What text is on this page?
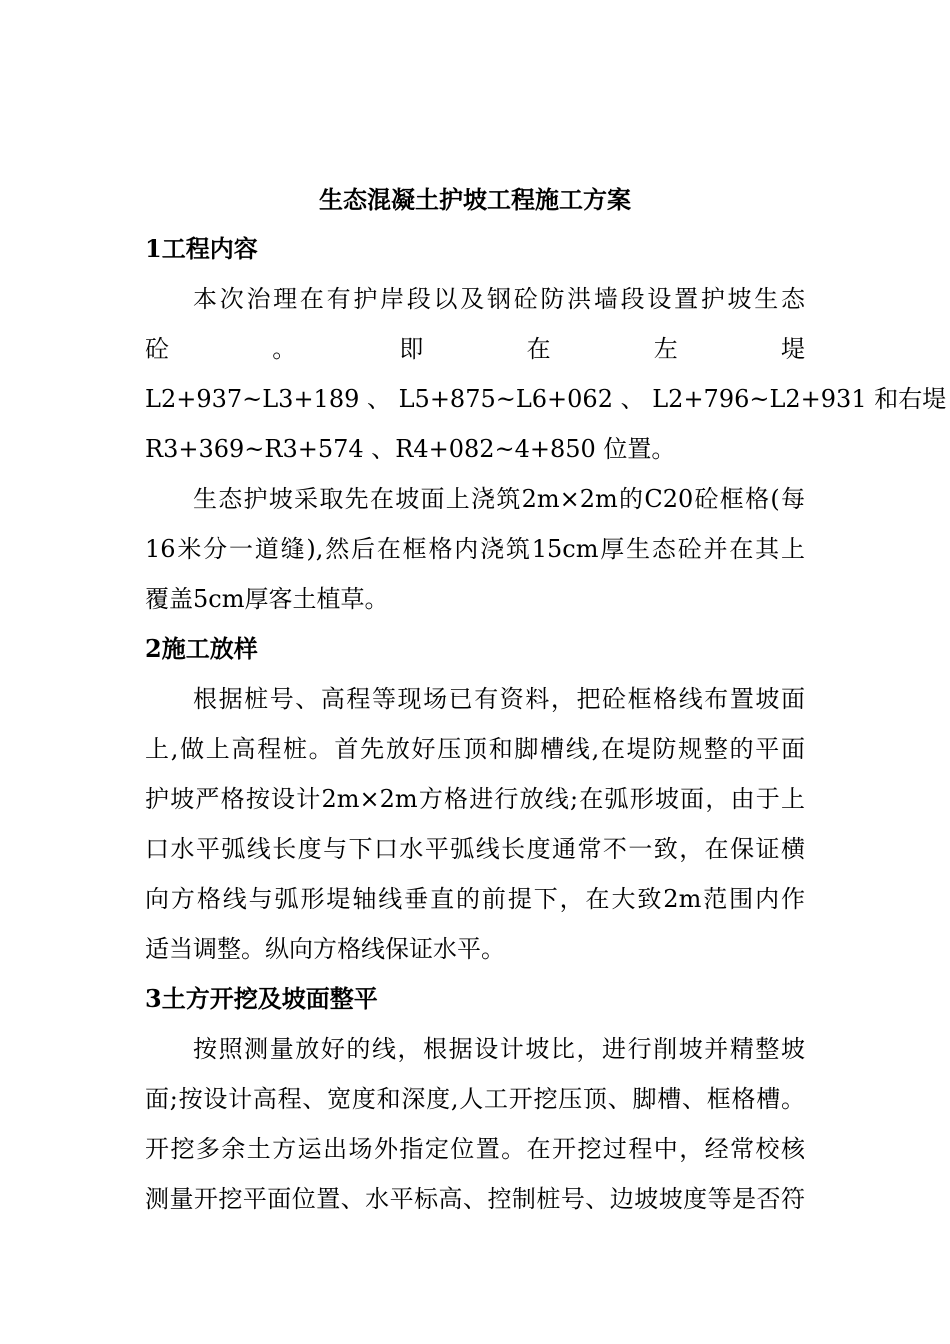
生态混凝土护坡工程施工方案
1工程内容
本次治理在有护岸段以及钢砼防洪墙段设置护坡生态
砼 。 即 在 左 堤
L2+937~L3+189 、 L5+875~L6+062 、 L2+796~L2+931 和右堤
R3+369~R3+574 、R4+082~4+850 位置。
生态护坡采取先在坡面上浇筑2m×2m的C20砼框格(每
16米分一道缝),然后在框格内浇筑15cm厚生态砼并在其上
覆盖5cm厚客土植草。
2施工放样
根据桩号、高程等现场已有资料，把砼框格线布置坡面
上,做上高程桩。首先放好压顶和脚槽线,在堤防规整的平面
护坡严格按设计2m×2m方格进行放线;在弧形坡面，由于上
口水平弧线长度与下口水平弧线长度通常不一致，在保证横
向方格线与弧形堤轴线垂直的前提下，在大致2m范围内作
适当调整。纵向方格线保证水平。
3土方开挖及坡面整平
按照测量放好的线，根据设计坡比，进行削坡并精整坡
面;按设计高程、宽度和深度,人工开挖压顶、脚槽、框格槽。
开挖多余土方运出场外指定位置。在开挖过程中，经常校核
测量开挖平面位置、水平标高、控制桩号、边坡坡度等是否符
